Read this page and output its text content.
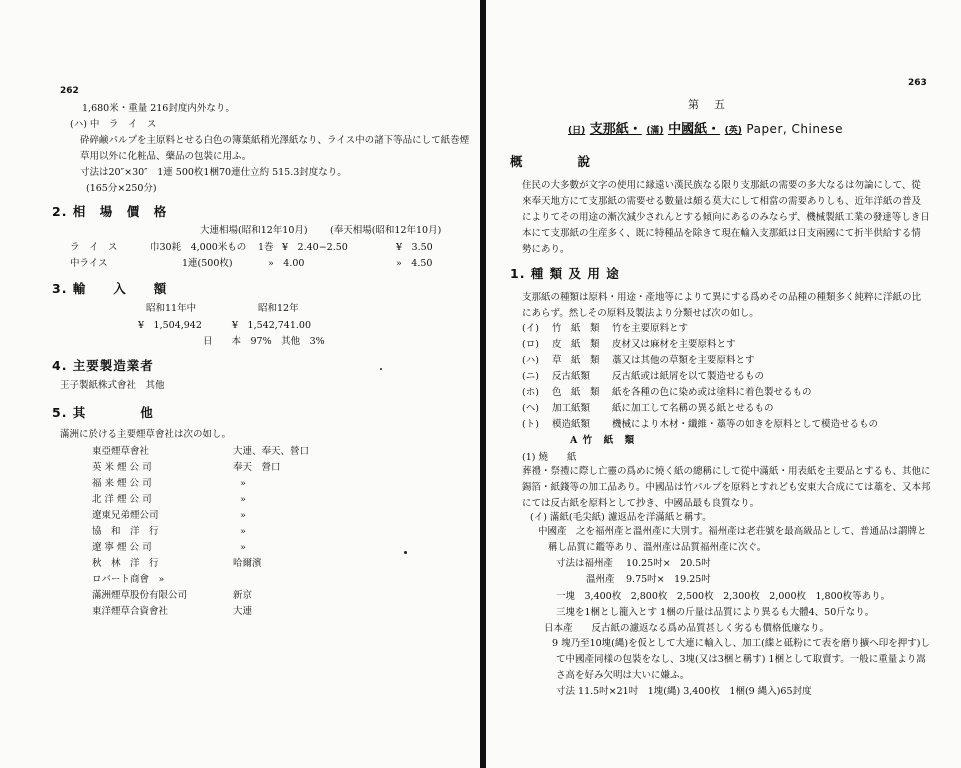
262
1,680米・重量 216封度内外なり。
(ハ) 中　ラ　イ　ス
砕碎鹸パルプを主原料とせる白色の簿葉紙稍光澤紙なり、ライス中の諸下等品にして紙巻煙
草用以外に化粧品、藥品の包裝に用ふ。
寸法は20″×30″　1連 500枚1梱70連仕立約 515.3封度なり。
(165分×250分)
2. 相　場　價　格
大連相場(昭和12年10月) (奉天相場(昭和12年10月)
ラ　イ　ス	巾30耗　4,000米もの 1巻 ¥　2.40−2.50	¥　3.50
中ライス	1連(500枚)	»　4.00	»　4.50
3. 輸　　入　　額
昭和11年中	昭和12年
¥　1,504,942	¥　1,542,741.00
日　　本　97%　其他　3%
4. 主要製造業者
王子製紙株式會社　其他
5. 其　　　　他
滿洲に於ける主要煙草會社は次の如し。
東亞煙草會社	大連、奉天、營口
英 米 煙 公 司	奉天　營口
福 来 煙 公 司	»
北 洋 煙 公 司	»
遼東兄弟煙公司	»
協　和　洋　行	»
遼 寧 煙 公 司	»
秋　林　洋　行	哈爾濱
ロバート商會　»
滿洲煙草股份有限公司	新京
東洋煙草合資會社	大連
263
第　五
(日) 支那紙・ (滿) 中國紙・ (英) Paper, Chinese
概　　　　說
住民の大多數が文字の使用に縁遠い漢民族なる限り支那紙の需要の多大なるは勿論にして、從來奉天地方にて支那紙の需要せる數量は頗る莫大にして相當の需要ありしも、近年洋紙の普及によりてその用途の漸次減少されんとする傾向にあるのみならず、機械製紙工業の發達等しき日本にて支那紙の生産多く、既に特種品を除きて現在輸入支那紙は日支兩國にて折半供給する情勢にあり。
1. 種 類 及 用 途
支那紙の種類は原料・用途・產地等によりて異にする爲めその品種の種類多く純粹に洋紙の比にあらず。然しその原料及製法より分類せば次の如し。
(イ) 竹　紙　類 竹を主要原料とす
(ロ) 皮　紙　類 皮材又は麻材を主要原料とす
(ハ) 草　紙　類 藁又は其他の草類を主要原料とす
(ニ) 反古紙類 反古紙或は紙屑を以て製造せるもの
(ホ) 色　紙　類 紙を各種の色に染め或は塗料に着色製せるもの
(ヘ) 加工紙類 紙に加工して名稱の異る紙とせるもの
(ト) 模造紙類 機械により木材・纖維・藁等の如きを原料として模造せるもの
A 竹　紙　類
(1) 燒　　紙
葬禮・祭禮に際し亡靈の爲めに燒く紙の總稱にして從中滿紙・用表紙を主要品とするも、其他に錫箔・紙錢等の加工品あり。中國品は竹パルプを原料とすれども安東大合成にては藁を、又本邦にては反古紙を原料として抄き、中國品最も良質なり。
(イ) 滿紙(毛尖紙) 濾返品を洋滿紙と稱す。
中國產　之を福州產と溫州產に大別す。福州產は老荘號を最高級品として、普通品は謂牌と稱し品質に鑑等あり、溫州產は品質福州產に次ぐ。
寸法は福州產 10.25吋×　20.5吋
溫州產 9.75吋×　19.25吋
一塊　3,400枚　2,800枚　2,500枚　2,300枚　2,000枚　1,800枚等あり。
三塊を1梱とし籠入とす 1梱の斤量は品質により異るも大體4、50斤なり。
日本產　　反古紙の濾返なる爲め品質甚しく劣るも價格低廉なり。
9 塊乃至10塊(縄)を仮として大連に輸入し、加工(緤と砥粉にて表を磨り擴へ印を押す)して中國產同樣の包裝をなし、3塊(又は3梱と稱す) 1梱として取賣す。一般に重量より嵩さ高を好み欠明は大いに嫌ふ。
寸法 11.5吋×21吋　1塊(縄) 3,400枚　1梱(9 縄入)65封度
